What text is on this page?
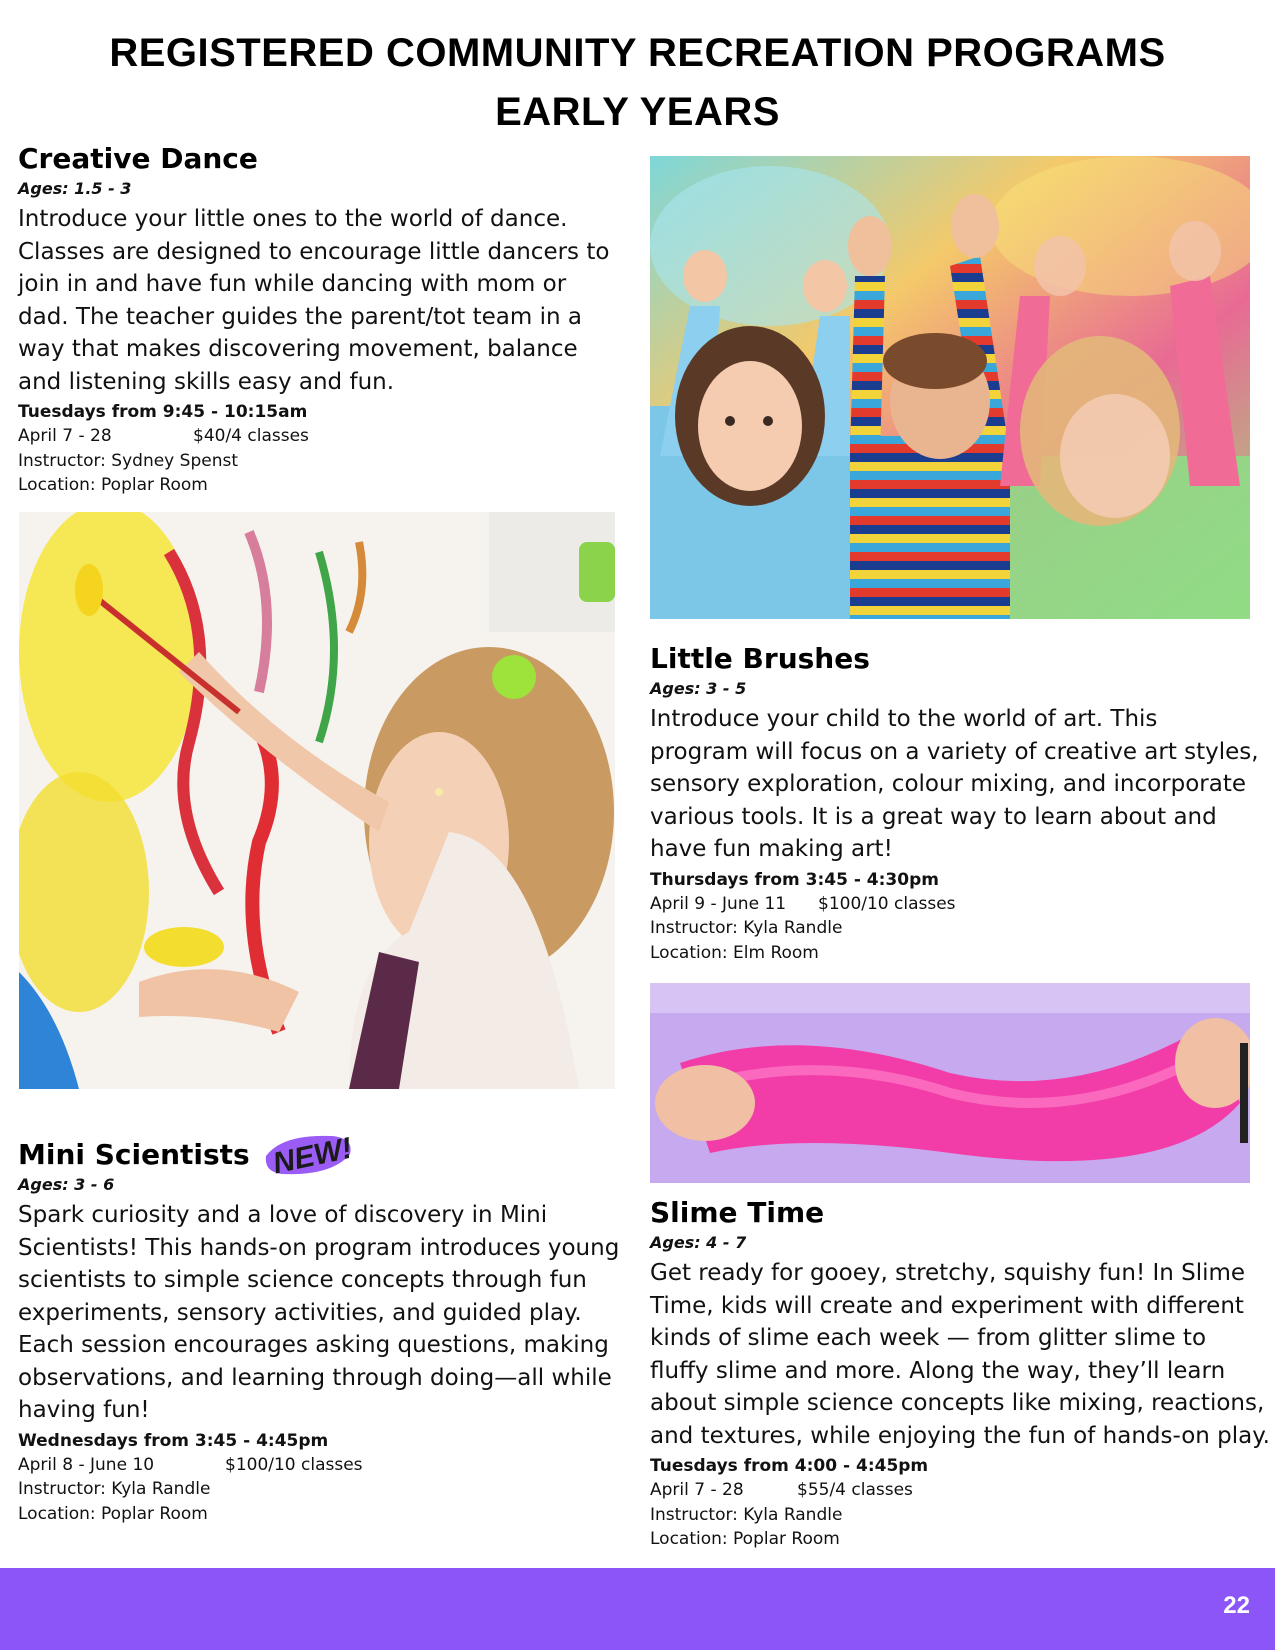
REGISTERED COMMUNITY RECREATION PROGRAMS
EARLY YEARS
Creative Dance
Ages: 1.5 - 3
Introduce your little ones to the world of dance. Classes are designed to encourage little dancers to join in and have fun while dancing with mom or dad. The teacher guides the parent/tot team in a way that makes discovering movement, balance and listening skills easy and fun.
Tuesdays from 9:45 - 10:15am
April 7 - 28	$40/4 classes
Instructor: Sydney Spenst
Location: Poplar Room
Little Brushes
Ages: 3 - 5
Introduce your child to the world of art. This program will focus on a variety of creative art styles, sensory exploration, colour mixing, and incorporate various tools. It is a great way to learn about and have fun making art!
Thursdays from 3:45 - 4:30pm
April 9 - June 11 $100/10 classes
Instructor: Kyla Randle
Location: Elm Room
Mini Scientists
Ages: 3 - 6
Spark curiosity and a love of discovery in Mini Scientists! This hands-on program introduces young scientists to simple science concepts through fun experiments, sensory activities, and guided play. Each session encourages asking questions, making observations, and learning through doing—all while having fun!
Wednesdays from 3:45 - 4:45pm
April 8 - June 10	$100/10 classes
Instructor: Kyla Randle
Location: Poplar Room
NEW!
Slime Time
Ages: 4 - 7
Get ready for gooey, stretchy, squishy fun! In Slime Time, kids will create and experiment with different kinds of slime each week — from glitter slime to fluffy slime and more. Along the way, they’ll learn about simple science concepts like mixing, reactions, and textures, while enjoying the fun of hands-on play.
Tuesdays from 4:00 - 4:45pm
April 7 - 28	$55/4 classes
Instructor: Kyla Randle
Location: Poplar Room
22
